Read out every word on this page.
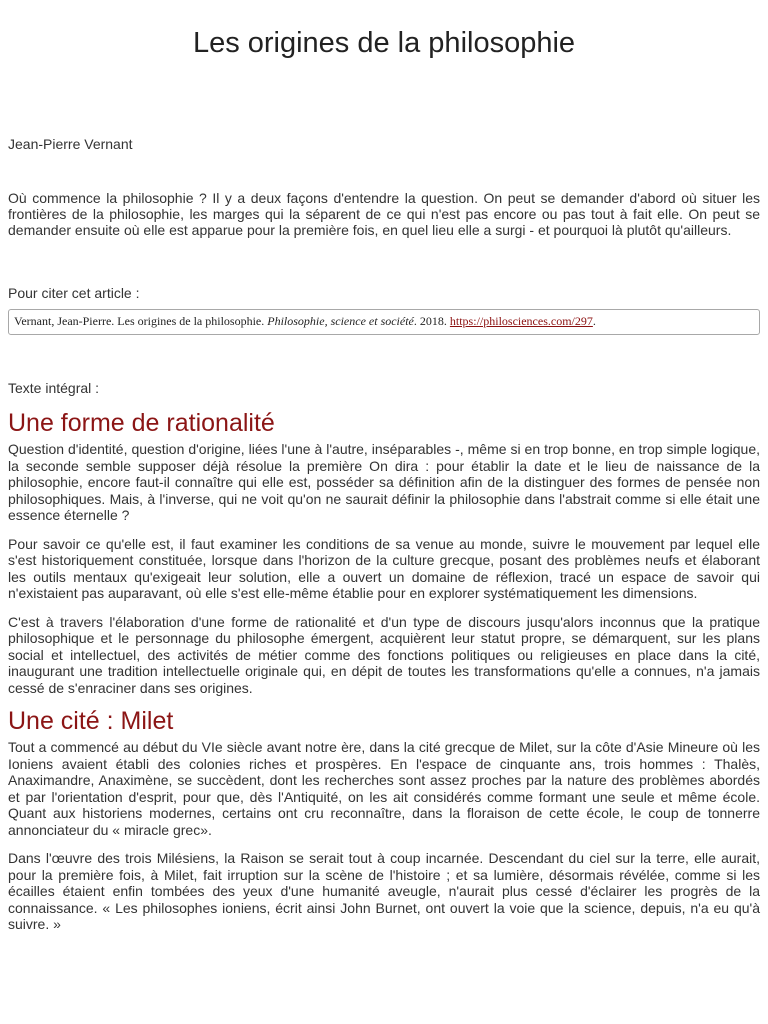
Les origines de la philosophie

Jean-Pierre Vernant

Où commence la philosophie ? Il y a deux façons d'entendre la question. On peut se demander d'abord où situer les frontières de la philosophie, les marges qui la séparent de ce qui n'est pas encore ou pas tout à fait elle. On peut se demander ensuite où elle est apparue pour la première fois, en quel lieu elle a surgi - et pourquoi là plutôt qu'ailleurs.

Pour citer cet article :

Vernant, Jean-Pierre. Les origines de la philosophie. Philosophie, science et société. 2018. https://philosciences.com/297.

Texte intégral :

Une forme de rationalité

Question d'identité, question d'origine, liées l'une à l'autre, inséparables -, même si en trop bonne, en trop simple logique, la seconde semble supposer déjà résolue la première On dira : pour établir la date et le lieu de naissance de la philosophie, encore faut-il connaître qui elle est, posséder sa définition afin de la distinguer des formes de pensée non philosophiques. Mais, à l'inverse, qui ne voit qu'on ne saurait définir la philosophie dans l'abstrait comme si elle était une essence éternelle ?

Pour savoir ce qu'elle est, il faut examiner les conditions de sa venue au monde, suivre le mouvement par lequel elle s'est historiquement constituée, lorsque dans l'horizon de la culture grecque, posant des problèmes neufs et élaborant les outils mentaux qu'exigeait leur solution, elle a ouvert un domaine de réflexion, tracé un espace de savoir qui n'existaient pas auparavant, où elle s'est elle-même établie pour en explorer systématiquement les dimensions.

C'est à travers l'élaboration d'une forme de rationalité et d'un type de discours jusqu'alors inconnus que la pratique philosophique et le personnage du philosophe émergent, acquièrent leur statut propre, se démarquent, sur les plans social et intellectuel, des activités de métier comme des fonctions politiques ou religieuses en place dans la cité, inaugurant une tradition intellectuelle originale qui, en dépit de toutes les transformations qu'elle a connues, n'a jamais cessé de s'enraciner dans ses origines.

Une cité : Milet

Tout a commencé au début du VIe siècle avant notre ère, dans la cité grecque de Milet, sur la côte d'Asie Mineure où les Ioniens avaient établi des colonies riches et prospères. En l'espace de cinquante ans, trois hommes : Thalès, Anaximandre, Anaximène, se succèdent, dont les recherches sont assez proches par la nature des problèmes abordés et par l'orientation d'esprit, pour que, dès l'Antiquité, on les ait considérés comme formant une seule et même école. Quant aux historiens modernes, certains ont cru reconnaître, dans la floraison de cette école, le coup de tonnerre annonciateur du « miracle grec».

Dans l'œuvre des trois Milésiens, la Raison se serait tout à coup incarnée. Descendant du ciel sur la terre, elle aurait, pour la première fois, à Milet, fait irruption sur la scène de l'histoire ; et sa lumière, désormais révélée, comme si les écailles étaient enfin tombées des yeux d'une humanité aveugle, n'aurait plus cessé d'éclairer les progrès de la connaissance. « Les philosophes ioniens, écrit ainsi John Burnet, ont ouvert la voie que la science, depuis, n'a eu qu'à suivre. »
